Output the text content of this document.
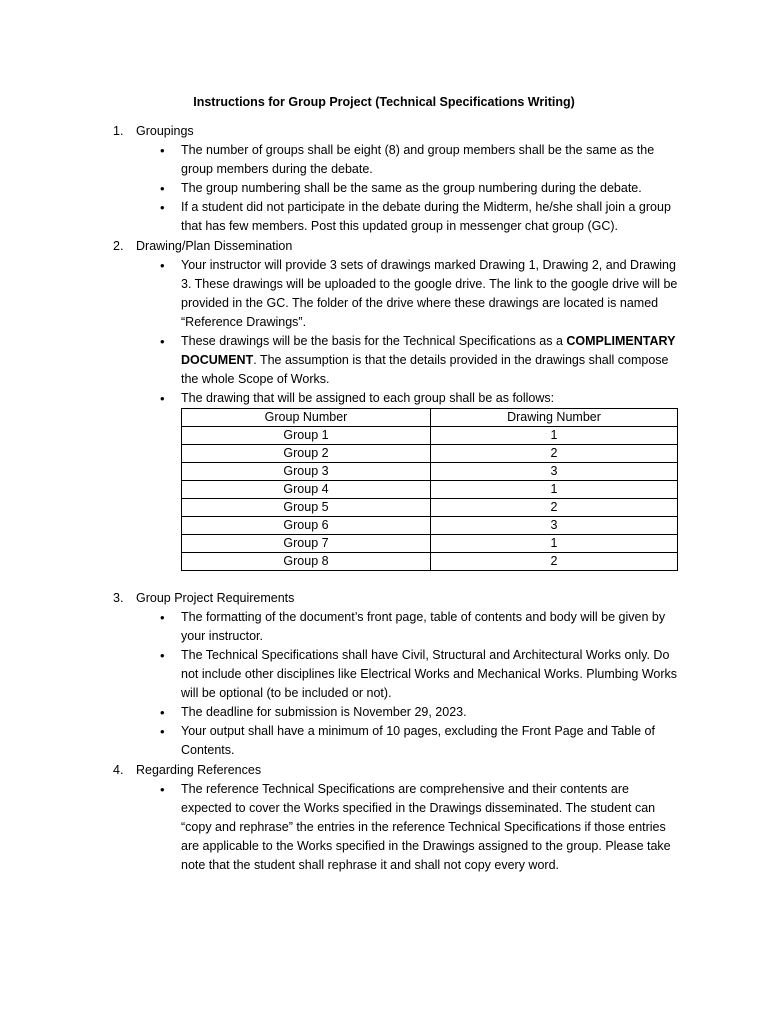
Instructions for Group Project (Technical Specifications Writing)
1. Groupings
• The number of groups shall be eight (8) and group members shall be the same as the group members during the debate.
• The group numbering shall be the same as the group numbering during the debate.
• If a student did not participate in the debate during the Midterm, he/she shall join a group that has few members. Post this updated group in messenger chat group (GC).
2. Drawing/Plan Dissemination
• Your instructor will provide 3 sets of drawings marked Drawing 1, Drawing 2, and Drawing 3. These drawings will be uploaded to the google drive. The link to the google drive will be provided in the GC. The folder of the drive where these drawings are located is named “Reference Drawings”.
• These drawings will be the basis for the Technical Specifications as a COMPLIMENTARY DOCUMENT. The assumption is that the details provided in the drawings shall compose the whole Scope of Works.
• The drawing that will be assigned to each group shall be as follows:
Group Number	Drawing Number
Group 1	1
Group 2	2
Group 3	3
Group 4	1
Group 5	2
Group 6	3
Group 7	1
Group 8	2
3. Group Project Requirements
• The formatting of the document’s front page, table of contents and body will be given by your instructor.
• The Technical Specifications shall have Civil, Structural and Architectural Works only. Do not include other disciplines like Electrical Works and Mechanical Works. Plumbing Works will be optional (to be included or not).
• The deadline for submission is November 29, 2023.
• Your output shall have a minimum of 10 pages, excluding the Front Page and Table of Contents.
4. Regarding References
• The reference Technical Specifications are comprehensive and their contents are expected to cover the Works specified in the Drawings disseminated. The student can “copy and rephrase” the entries in the reference Technical Specifications if those entries are applicable to the Works specified in the Drawings assigned to the group. Please take note that the student shall rephrase it and shall not copy every word.
